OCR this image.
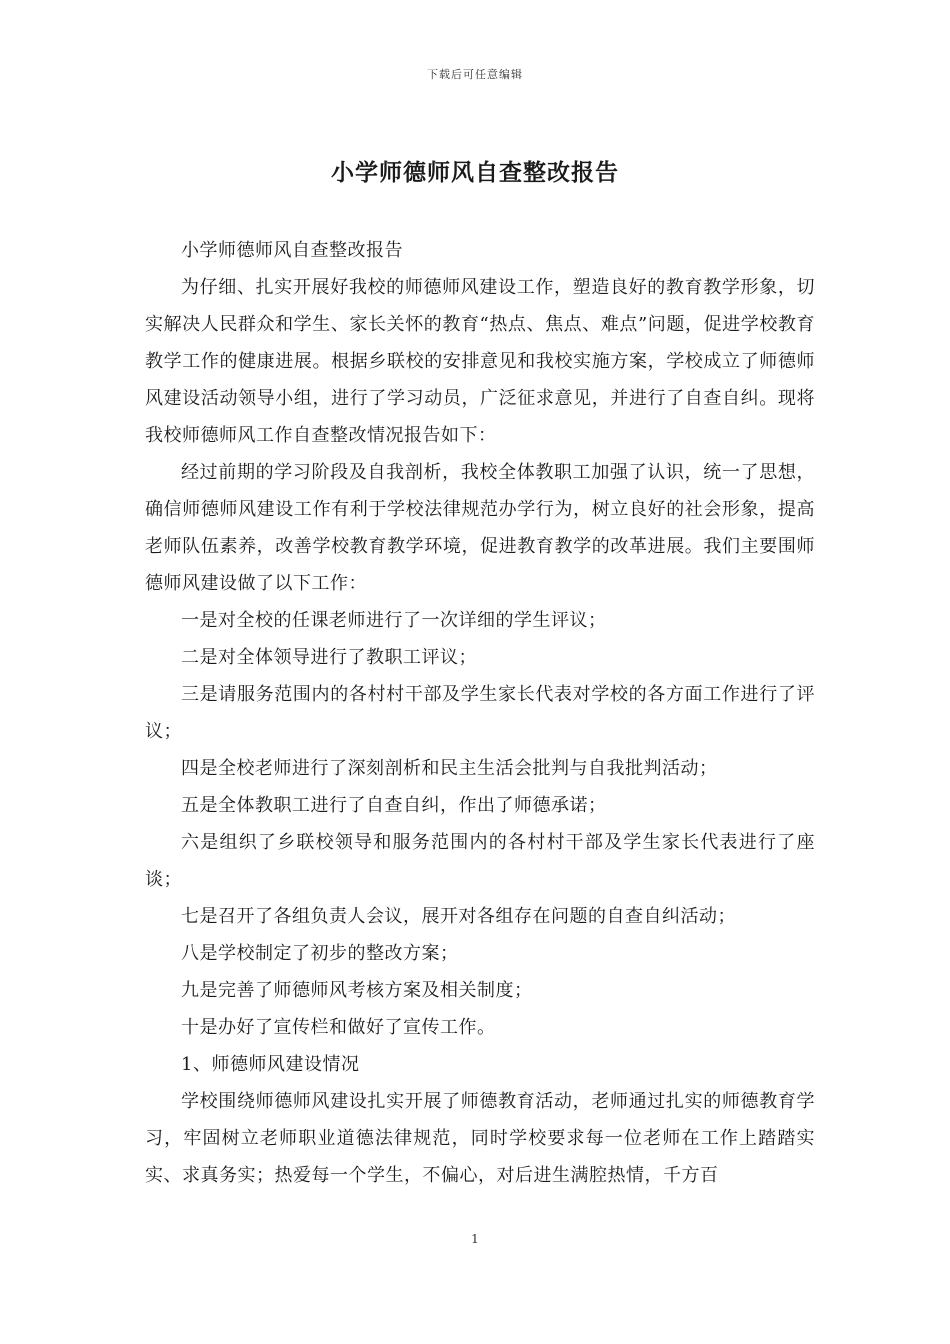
下载后可任意编辑
小学师德师风自查整改报告

小学师德师风自查整改报告

为仔细、扎实开展好我校的师德师风建设工作，塑造良好的教育教学形象，切实解决人民群众和学生、家长关怀的教育“热点、焦点、难点”问题，促进学校教育教学工作的健康进展。根据乡联校的安排意见和我校实施方案，学校成立了师德师风建设活动领导小组，进行了学习动员，广泛征求意见，并进行了自查自纠。现将我校师德师风工作自查整改情况报告如下：

经过前期的学习阶段及自我剖析，我校全体教职工加强了认识，统一了思想，确信师德师风建设工作有利于学校法律规范办学行为，树立良好的社会形象，提高老师队伍素养，改善学校教育教学环境，促进教育教学的改革进展。我们主要围师德师风建设做了以下工作：

一是对全校的任课老师进行了一次详细的学生评议；

二是对全体领导进行了教职工评议；

三是请服务范围内的各村村干部及学生家长代表对学校的各方面工作进行了评议；

四是全校老师进行了深刻剖析和民主生活会批判与自我批判活动；

五是全体教职工进行了自查自纠，作出了师德承诺；

六是组织了乡联校领导和服务范围内的各村村干部及学生家长代表进行了座谈；

七是召开了各组负责人会议，展开对各组存在问题的自查自纠活动；

八是学校制定了初步的整改方案；

九是完善了师德师风考核方案及相关制度；

十是办好了宣传栏和做好了宣传工作。

1、师德师风建设情况

学校围绕师德师风建设扎实开展了师德教育活动，老师通过扎实的师德教育学习，牢固树立老师职业道德法律规范，同时学校要求每一位老师在工作上踏踏实实、求真务实；热爱每一个学生，不偏心，对后进生满腔热情，千方百

1
